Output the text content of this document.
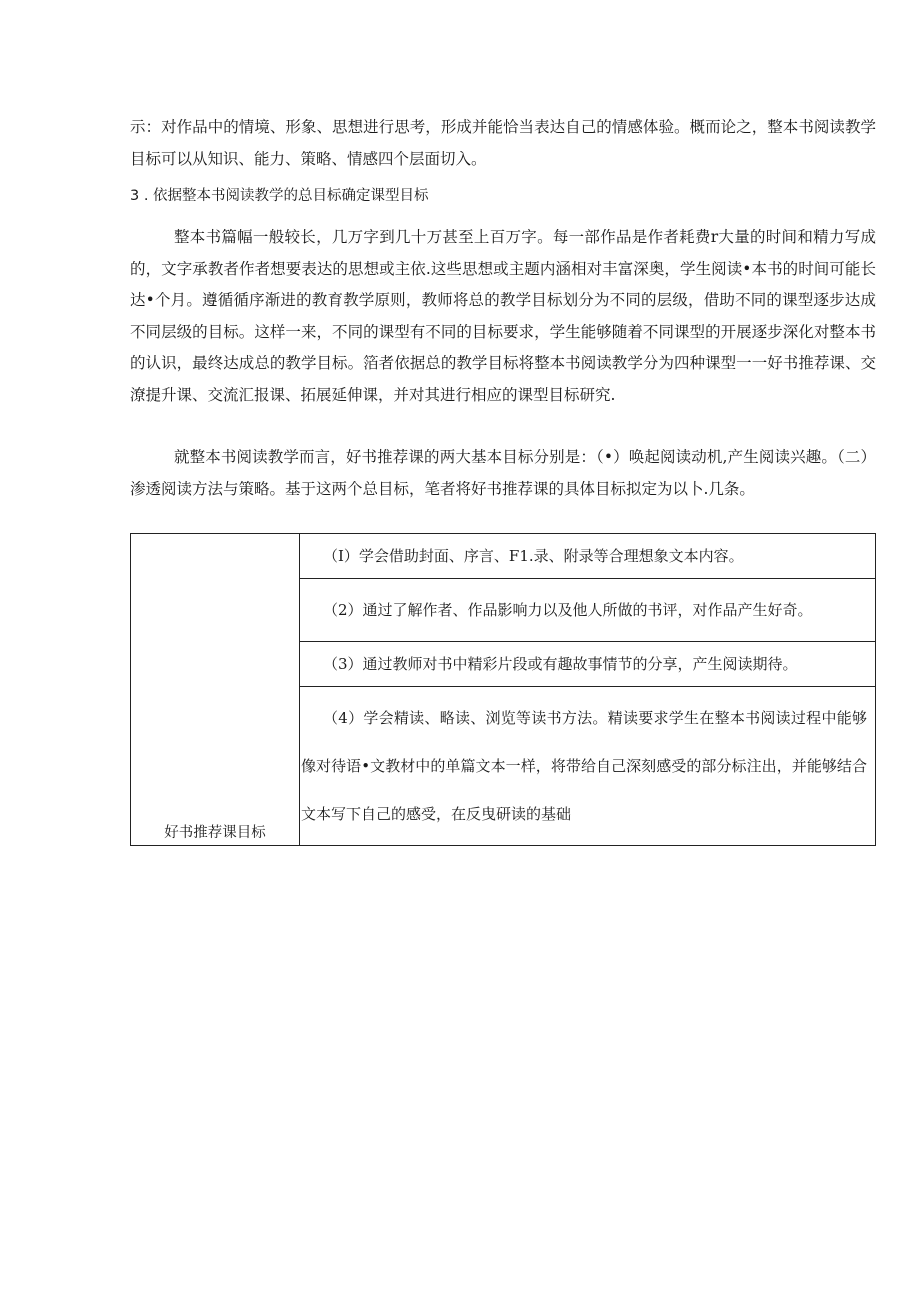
示：对作品中的情境、形象、思想进行思考，形成并能恰当表达自己的情感体验。概而论之，整本书阅读教学目标可以从知识、能力、策略、情感四个层面切入。

3 . 依据整本书阅读教学的总目标确定课型目标

整本书篇幅一般较长，几万字到几十万甚至上百万字。每一部作品是作者耗费r大量的时间和精力写成的，文字承教者作者想要表达的思想或主依.这些思想或主题内涵相对丰富深奥，学生阅读•本书的时间可能长达•个月。遵循循序渐进的教育教学原则，教师将总的教学目标划分为不同的层级，借助不同的课型逐步达成不同层级的目标。这样一来，不同的课型有不同的目标要求，学生能够随着不同课型的开展逐步深化对整本书的认识，最终达成总的教学目标。箔者依据总的教学目标将整本书阅读教学分为四种课型一一好书推荐课、交潦提升课、交流汇报课、拓展延伸课，并对其进行相应的课型目标研究.

就整本书阅读教学而言，好书推荐课的两大基本目标分别是：（•）唤起阅读动机,产生阅读兴趣。（二）渗透阅读方法与策略。基于这两个总目标，笔者将好书推荐课的具体目标拟定为以卜.几条。

好书推荐课目标	
（I）学会借助封面、序言、F1.录、附录等合理想象文本内容。

（2）通过了解作者、作品影响力以及他人所做的书评，对作品产生好奇。

（3）通过教师对书中精彩片段或有趣故事情节的分享，产生阅读期待。

（4）学会精读、略读、浏览等读书方法。精读要求学生在整本书阅读过程中能够像对待语•文教材中的单篇文本一样，将带给自己深刻感受的部分标注出，并能够结合文本写下自己的感受，在反曳研读的基础
